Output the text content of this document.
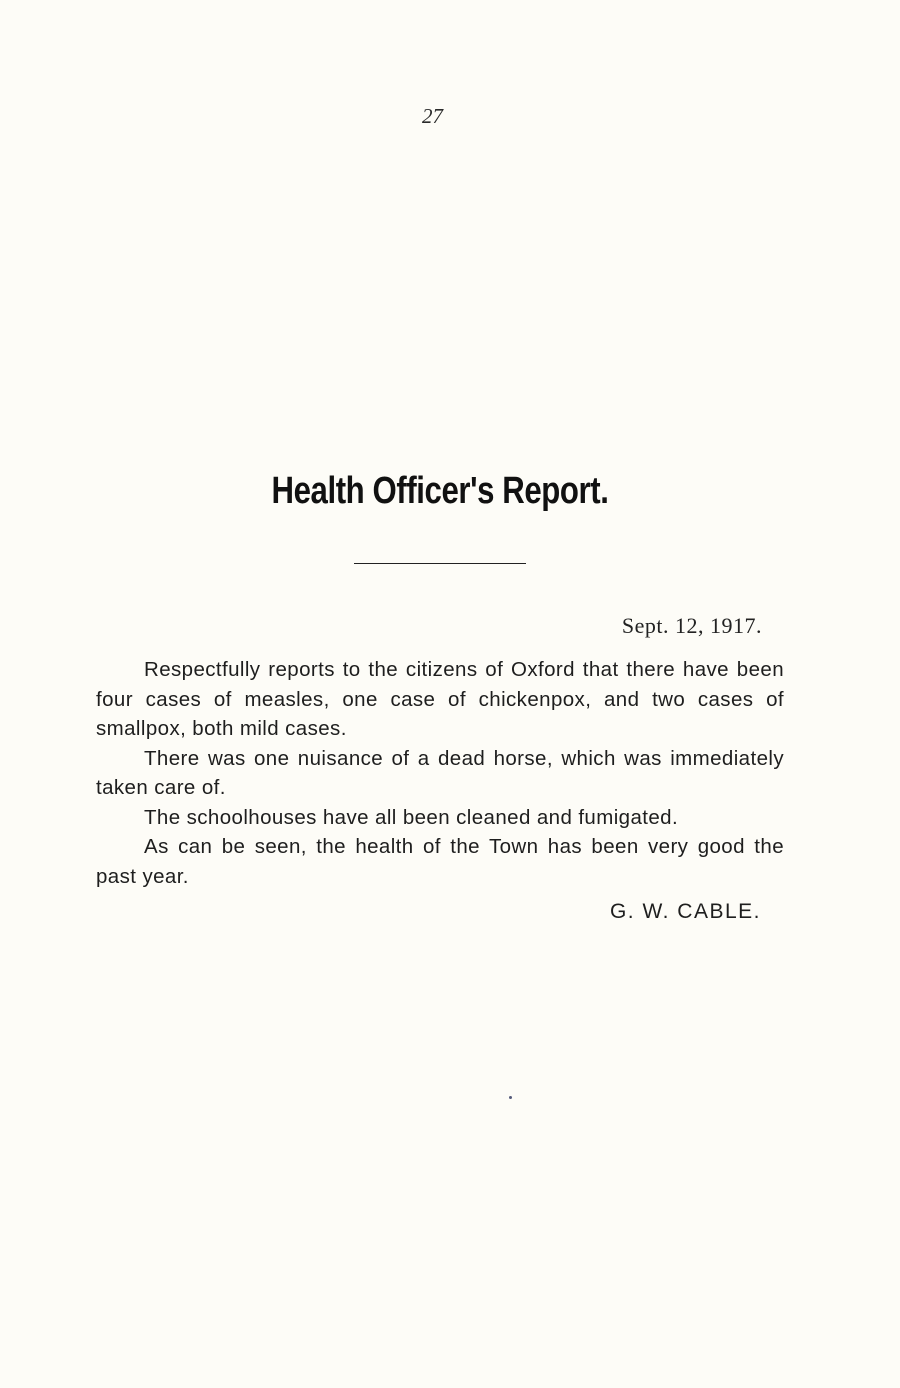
27
Health Officer's Report.
Sept. 12, 1917.

Respectfully reports to the citizens of Oxford that there have been four cases of measles, one case of chickenpox, and two cases of smallpox, both mild cases.

There was one nuisance of a dead horse, which was immediately taken care of.

The schoolhouses have all been cleaned and fumigated.

As can be seen, the health of the Town has been very good the past year.

G. W. CABLE.
